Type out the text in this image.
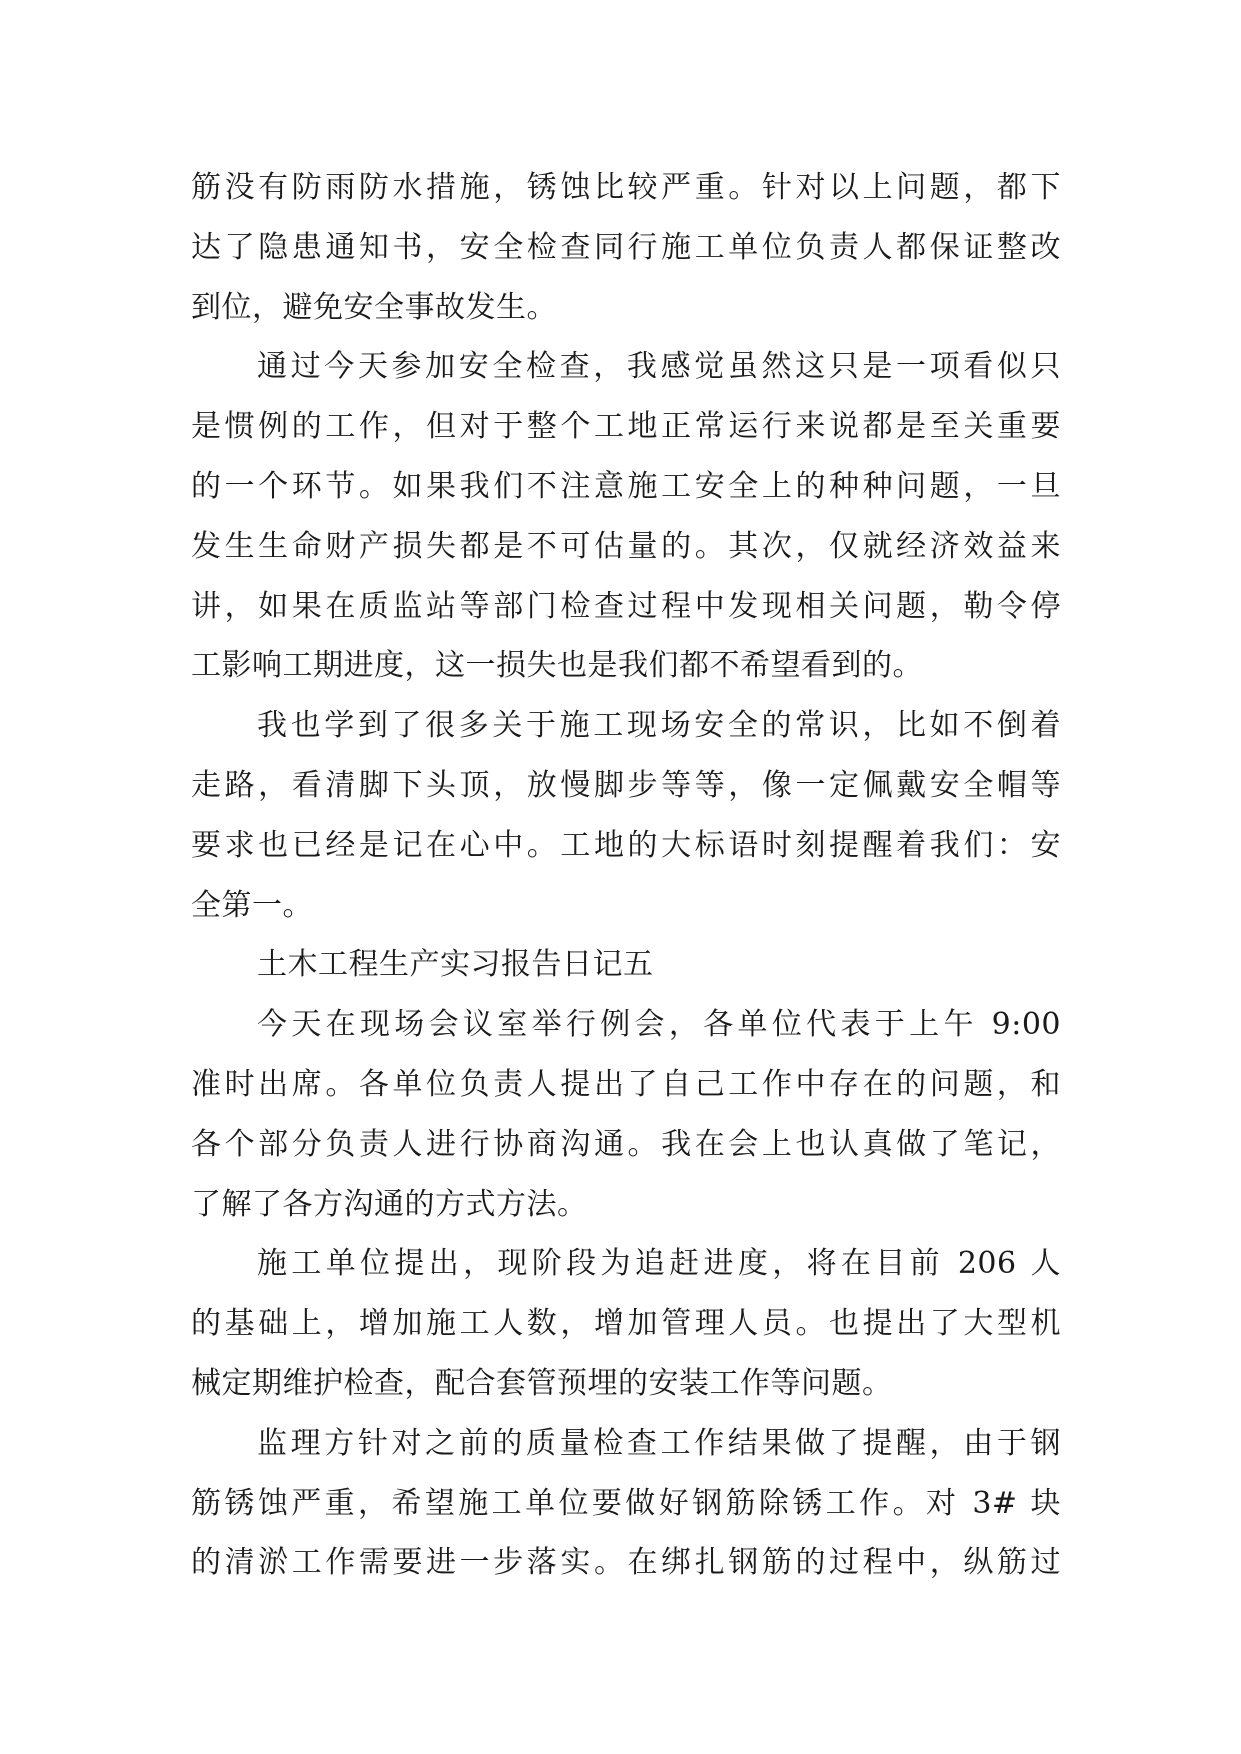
筋没有防雨防水措施，锈蚀比较严重。针对以上问题，都下
达了隐患通知书，安全检查同行施工单位负责人都保证整改
到位，避免安全事故发生。
通过今天参加安全检查，我感觉虽然这只是一项看似只
是惯例的工作，但对于整个工地正常运行来说都是至关重要
的一个环节。如果我们不注意施工安全上的种种问题，一旦
发生生命财产损失都是不可估量的。其次，仅就经济效益来
讲，如果在质监站等部门检查过程中发现相关问题，勒令停
工影响工期进度，这一损失也是我们都不希望看到的。
我也学到了很多关于施工现场安全的常识，比如不倒着
走路，看清脚下头顶，放慢脚步等等，像一定佩戴安全帽等
要求也已经是记在心中。工地的大标语时刻提醒着我们：安
全第一。
土木工程生产实习报告日记五
今天在现场会议室举行例会，各单位代表于上午 9:00
准时出席。各单位负责人提出了自己工作中存在的问题，和
各个部分负责人进行协商沟通。我在会上也认真做了笔记，
了解了各方沟通的方式方法。
施工单位提出，现阶段为追赶进度，将在目前 206 人
的基础上，增加施工人数，增加管理人员。也提出了大型机
械定期维护检查，配合套管预埋的安装工作等问题。
监理方针对之前的质量检查工作结果做了提醒，由于钢
筋锈蚀严重，希望施工单位要做好钢筋除锈工作。对 3# 块
的清淤工作需要进一步落实。在绑扎钢筋的过程中，纵筋过
